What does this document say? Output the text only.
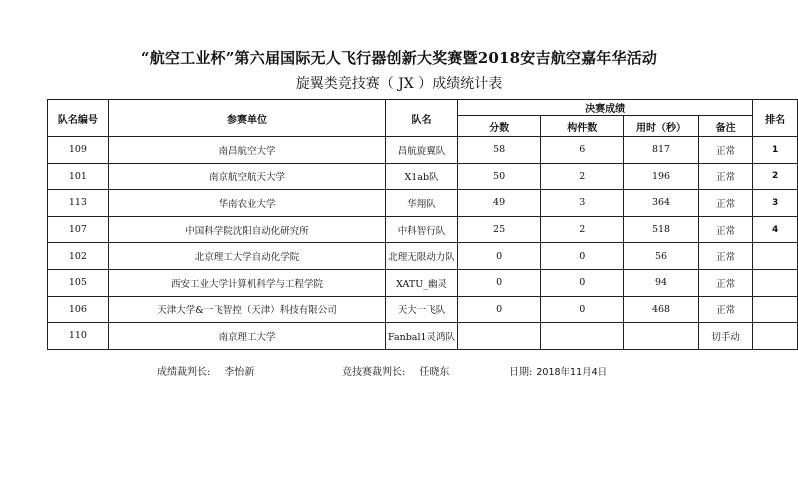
“航空工业杯”第六届国际无人飞行器创新大奖赛暨2018安吉航空嘉年华活动
旋翼类竞技赛（ JX ）成绩统计表
队名编号	参赛单位	队名	决赛成绩				排名
			分数	构件数	用时（秒）	备注	
109	南昌航空大学	昌航旋翼队	58	6	817	正常	1
101	南京航空航天大学	X1ab队	50	2	196	正常	2
113	华南农业大学	华翔队	49	3	364	正常	3
107	中国科学院沈阳自动化研究所	中科智行队	25	2	518	正常	4
102	北京理工大学自动化学院	北理无限动力队	0	0	56	正常	
105	西安工业大学计算机科学与工程学院	XATU_幽灵	0	0	94	正常	
106	天津大学&一飞智控（天津）科技有限公司	天大一飞队	0	0	468	正常	
110	南京理工大学	Fanbal1灵鸿队				切手动	
成绩裁判长: 李怡新	竞技赛裁判长: 任晓东	日期: 2018年11月4日
